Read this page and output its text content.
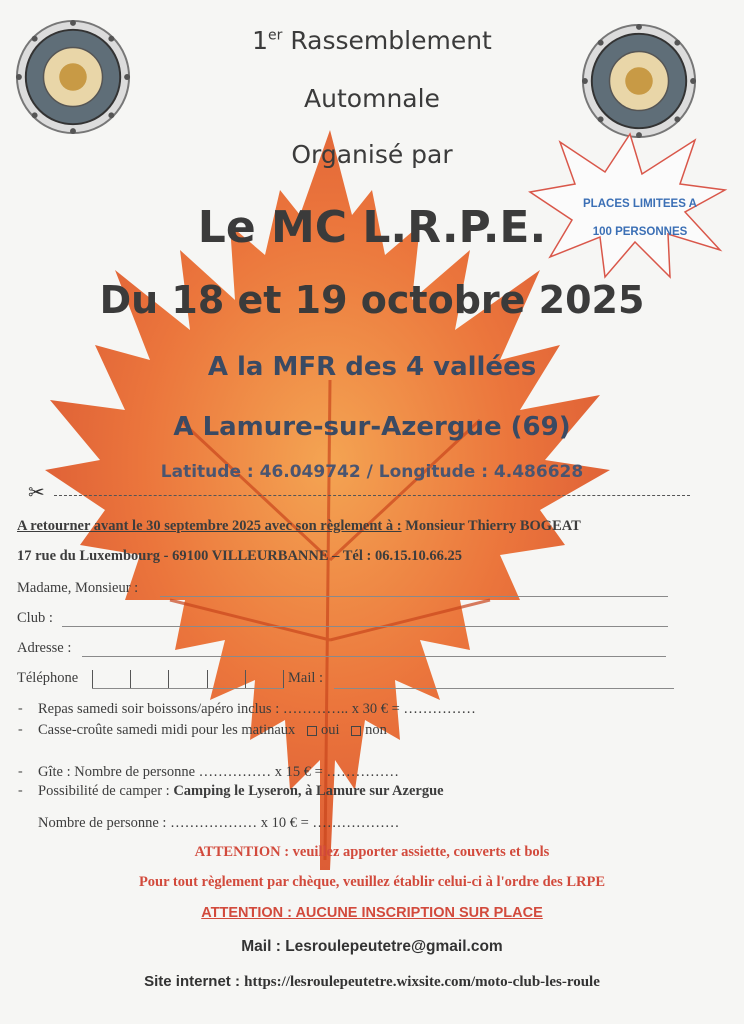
PLACES LIMITEES A
100 PERSONNES
1er Rassemblement
Automnale
Organisé par
Le MC L.R.P.E.
Du 18 et 19 octobre 2025
A la MFR des 4 vallées
A Lamure-sur-Azergue (69)
Latitude : 46.049742 / Longitude : 4.486628
✂
A retourner avant le 30 septembre 2025 avec son règlement à : Monsieur Thierry BOGEAT
17 rue du Luxembourg - 69100 VILLEURBANNE – Tél : 06.15.10.66.25
Madame, Monsieur :
Club :
Adresse :
Téléphone	Mail :
- Repas samedi soir boissons/apéro inclus : ………….. x 30 € = ……………
- Casse-croûte samedi midi pour les matinaux oui non
- Gîte : Nombre de personne …………… x 15 € = ……………
- Possibilité de camper : Camping le Lyseron, à Lamure sur Azergue
Nombre de personne : ……………… x 10 € = ………………
ATTENTION : veuillez apporter assiette, couverts et bols
Pour tout règlement par chèque, veuillez établir celui-ci à l'ordre des LRPE
ATTENTION : AUCUNE INSCRIPTION SUR PLACE
Mail : Lesroulepeutetre@gmail.com
Site internet : https://lesroulepeutetre.wixsite.com/moto-club-les-roule
